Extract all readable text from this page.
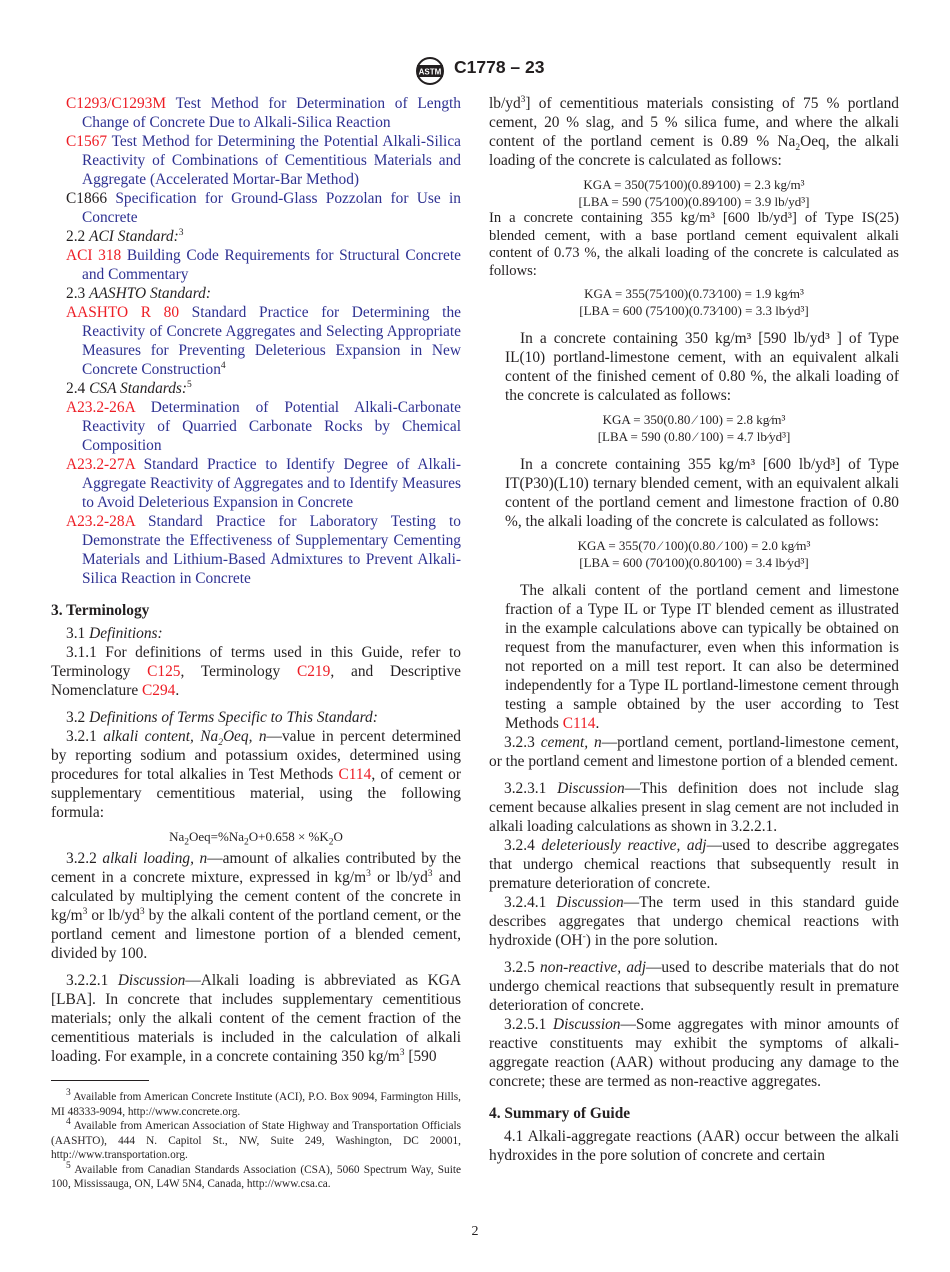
ASTM C1778 – 23

C1293/C1293M Test Method for Determination of Length Change of Concrete Due to Alkali-Silica Reaction

C1567 Test Method for Determining the Potential Alkali-Silica Reactivity of Combinations of Cementitious Materials and Aggregate (Accelerated Mortar-Bar Method)

C1866 Specification for Ground-Glass Pozzolan for Use in Concrete

2.2 ACI Standard:$^3$

ACI 318 Building Code Requirements for Structural Concrete and Commentary

2.3 AASHTO Standard:

AASHTO R 80 Standard Practice for Determining the Reactivity of Concrete Aggregates and Selecting Appropriate Measures for Preventing Deleterious Expansion in New Concrete Construction$^4$

2.4 CSA Standards:$^5$

A23.2-26A Determination of Potential Alkali-Carbonate Reactivity of Quarried Carbonate Rocks by Chemical Composition

A23.2-27A Standard Practice to Identify Degree of Alkali-Aggregate Reactivity of Aggregates and to Identify Measures to Avoid Deleterious Expansion in Concrete

A23.2-28A Standard Practice for Laboratory Testing to Demonstrate the Effectiveness of Supplementary Cementing Materials and Lithium-Based Admixtures to Prevent Alkali-Silica Reaction in Concrete

3. Terminology

3.1 Definitions:

3.1.1 For definitions of terms used in this Guide, refer to Terminology C125, Terminology C219, and Descriptive Nomenclature C294.

3.2 Definitions of Terms Specific to This Standard:

3.2.1 alkali content, $Na_2Oeq$, n—value in percent determined by reporting sodium and potassium oxides, determined using procedures for total alkalies in Test Methods C114, of cement or supplementary cementitious material, using the following formula:

$Na_2Oeq=\%Na_2O+0.658 \times \%K_2O$

3.2.2 alkali loading, n—amount of alkalies contributed by the cement in a concrete mixture, expressed in $kg/m^3$ or $lb/yd^3$ and calculated by multiplying the cement content of the concrete in $kg/m^3$ or $lb/yd^3$ by the alkali content of the portland cement, or the portland cement and limestone portion of a blended cement, divided by 100.

3.2.2.1 Discussion—Alkali loading is abbreviated as KGA [LBA]. In concrete that includes supplementary cementitious materials; only the alkali content of the cement fraction of the cementitious materials is included in the calculation of alkali loading. For example, in a concrete containing 350 $kg/m^3$ [590

$lb/yd^3$] of cementitious materials consisting of 75 % portland cement, 20 % slag, and 5 % silica fume, and where the alkali content of the portland cement is 0.89 % $Na_2Oeq$, the alkali loading of the concrete is calculated as follows:

KGA = 350(75⁄100)(0.89⁄100) = 2.3 kg/m³

[LBA = 590 (75⁄100)(0.89⁄100) = 3.9 lb/yd³]

In a concrete containing 355 kg/m³ [600 lb/yd³] of Type IS(25) blended cement, with a base portland cement equivalent alkali content of 0.73 %, the alkali loading of the concrete is calculated as follows:

KGA = 355(75⁄100)(0.73⁄100) = 1.9 kg⁄m³

[LBA = 600 (75⁄100)(0.73⁄100) = 3.3 lb⁄yd³]

In a concrete containing 350 kg/m³ [590 lb/yd³ ] of Type IL(10) portland-limestone cement, with an equivalent alkali content of the finished cement of 0.80 %, the alkali loading of the concrete is calculated as follows:

KGA = 350(0.80 ⁄ 100) = 2.8 kg⁄m³

[LBA = 590 (0.80 ⁄ 100) = 4.7 lb⁄yd³]

In a concrete containing 355 kg/m³ [600 lb/yd³] of Type IT(P30)(L10) ternary blended cement, with an equivalent alkali content of the portland cement and limestone fraction of 0.80 %, the alkali loading of the concrete is calculated as follows:

KGA = 355(70 ⁄ 100)(0.80 ⁄ 100) = 2.0 kg⁄m³

[LBA = 600 (70⁄100)(0.80⁄100) = 3.4 lb⁄yd³]

The alkali content of the portland cement and limestone fraction of a Type IL or Type IT blended cement as illustrated in the example calculations above can typically be obtained on request from the manufacturer, even when this information is not reported on a mill test report. It can also be determined independently for a Type IL portland-limestone cement through testing a sample obtained by the user according to Test Methods C114.

3.2.3 cement, n—portland cement, portland-limestone cement, or the portland cement and limestone portion of a blended cement.

3.2.3.1 Discussion—This definition does not include slag cement because alkalies present in slag cement are not included in alkali loading calculations as shown in 3.2.2.1.

3.2.4 deleteriously reactive, adj—used to describe aggregates that undergo chemical reactions that subsequently result in premature deterioration of concrete.

3.2.4.1 Discussion—The term used in this standard guide describes aggregates that undergo chemical reactions with hydroxide (OH-) in the pore solution.

3.2.5 non-reactive, adj—used to describe materials that do not undergo chemical reactions that subsequently result in premature deterioration of concrete.

3.2.5.1 Discussion—Some aggregates with minor amounts of reactive constituents may exhibit the symptoms of alkali-aggregate reaction (AAR) without producing any damage to the concrete; these are termed as non-reactive aggregates.

4. Summary of Guide

4.1 Alkali-aggregate reactions (AAR) occur between the alkali hydroxides in the pore solution of concrete and certain

$^3$ Available from American Concrete Institute (ACI), P.O. Box 9094, Farmington Hills, MI 48333-9094, http://www.concrete.org.

$^4$ Available from American Association of State Highway and Transportation Officials (AASHTO), 444 N. Capitol St., NW, Suite 249, Washington, DC 20001, http://www.transportation.org.

$^5$ Available from Canadian Standards Association (CSA), 5060 Spectrum Way, Suite 100, Mississauga, ON, L4W 5N4, Canada, http://www.csa.ca.

2
